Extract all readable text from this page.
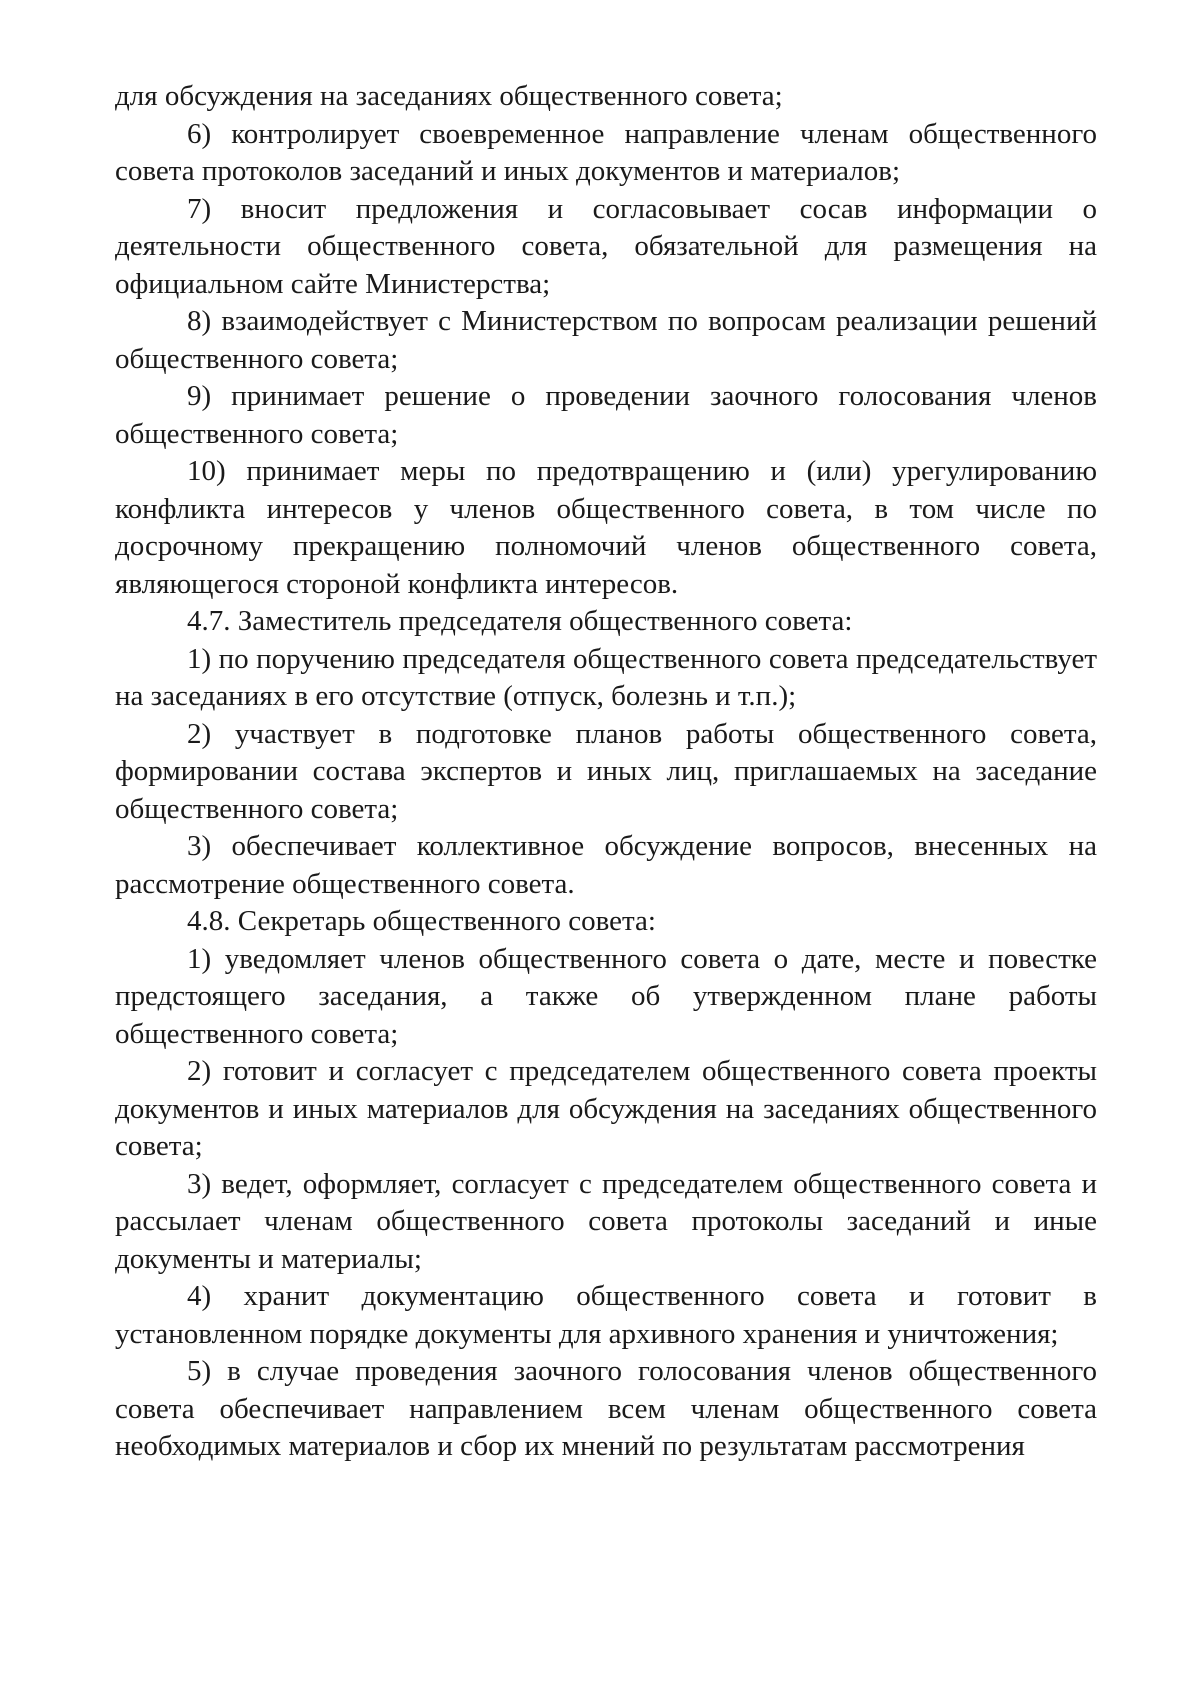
для обсуждения на заседаниях общественного совета;

6) контролирует своевременное направление членам общественного совета протоколов заседаний и иных документов и материалов;

7) вносит предложения и согласовывает сосав информации о деятельности общественного совета, обязательной для размещения на официальном сайте Министерства;

8) взаимодействует с Министерством по вопросам реализации решений общественного совета;

9) принимает решение о проведении заочного голосования членов общественного совета;

10) принимает меры по предотвращению и (или) урегулированию конфликта интересов у членов общественного совета, в том числе по досрочному прекращению полномочий членов общественного совета, являющегося стороной конфликта интересов.

4.7. Заместитель председателя общественного совета:

1) по поручению председателя общественного совета председательствует на заседаниях в его отсутствие (отпуск, болезнь и т.п.);

2) участвует в подготовке планов работы общественного совета, формировании состава экспертов и иных лиц, приглашаемых на заседание общественного совета;

3) обеспечивает коллективное обсуждение вопросов, внесенных на рассмотрение общественного совета.

4.8. Секретарь общественного совета:

1) уведомляет членов общественного совета о дате, месте и повестке предстоящего заседания, а также об утвержденном плане работы общественного совета;

2) готовит и согласует с председателем общественного совета проекты документов и иных материалов для обсуждения на заседаниях общественного совета;

3) ведет, оформляет, согласует с председателем общественного совета и рассылает членам общественного совета протоколы заседаний и иные документы и материалы;

4) хранит документацию общественного совета и готовит в установленном порядке документы для архивного хранения и уничтожения;

5) в случае проведения заочного голосования членов общественного совета обеспечивает направлением всем членам общественного совета необходимых материалов и сбор их мнений по результатам рассмотрения
